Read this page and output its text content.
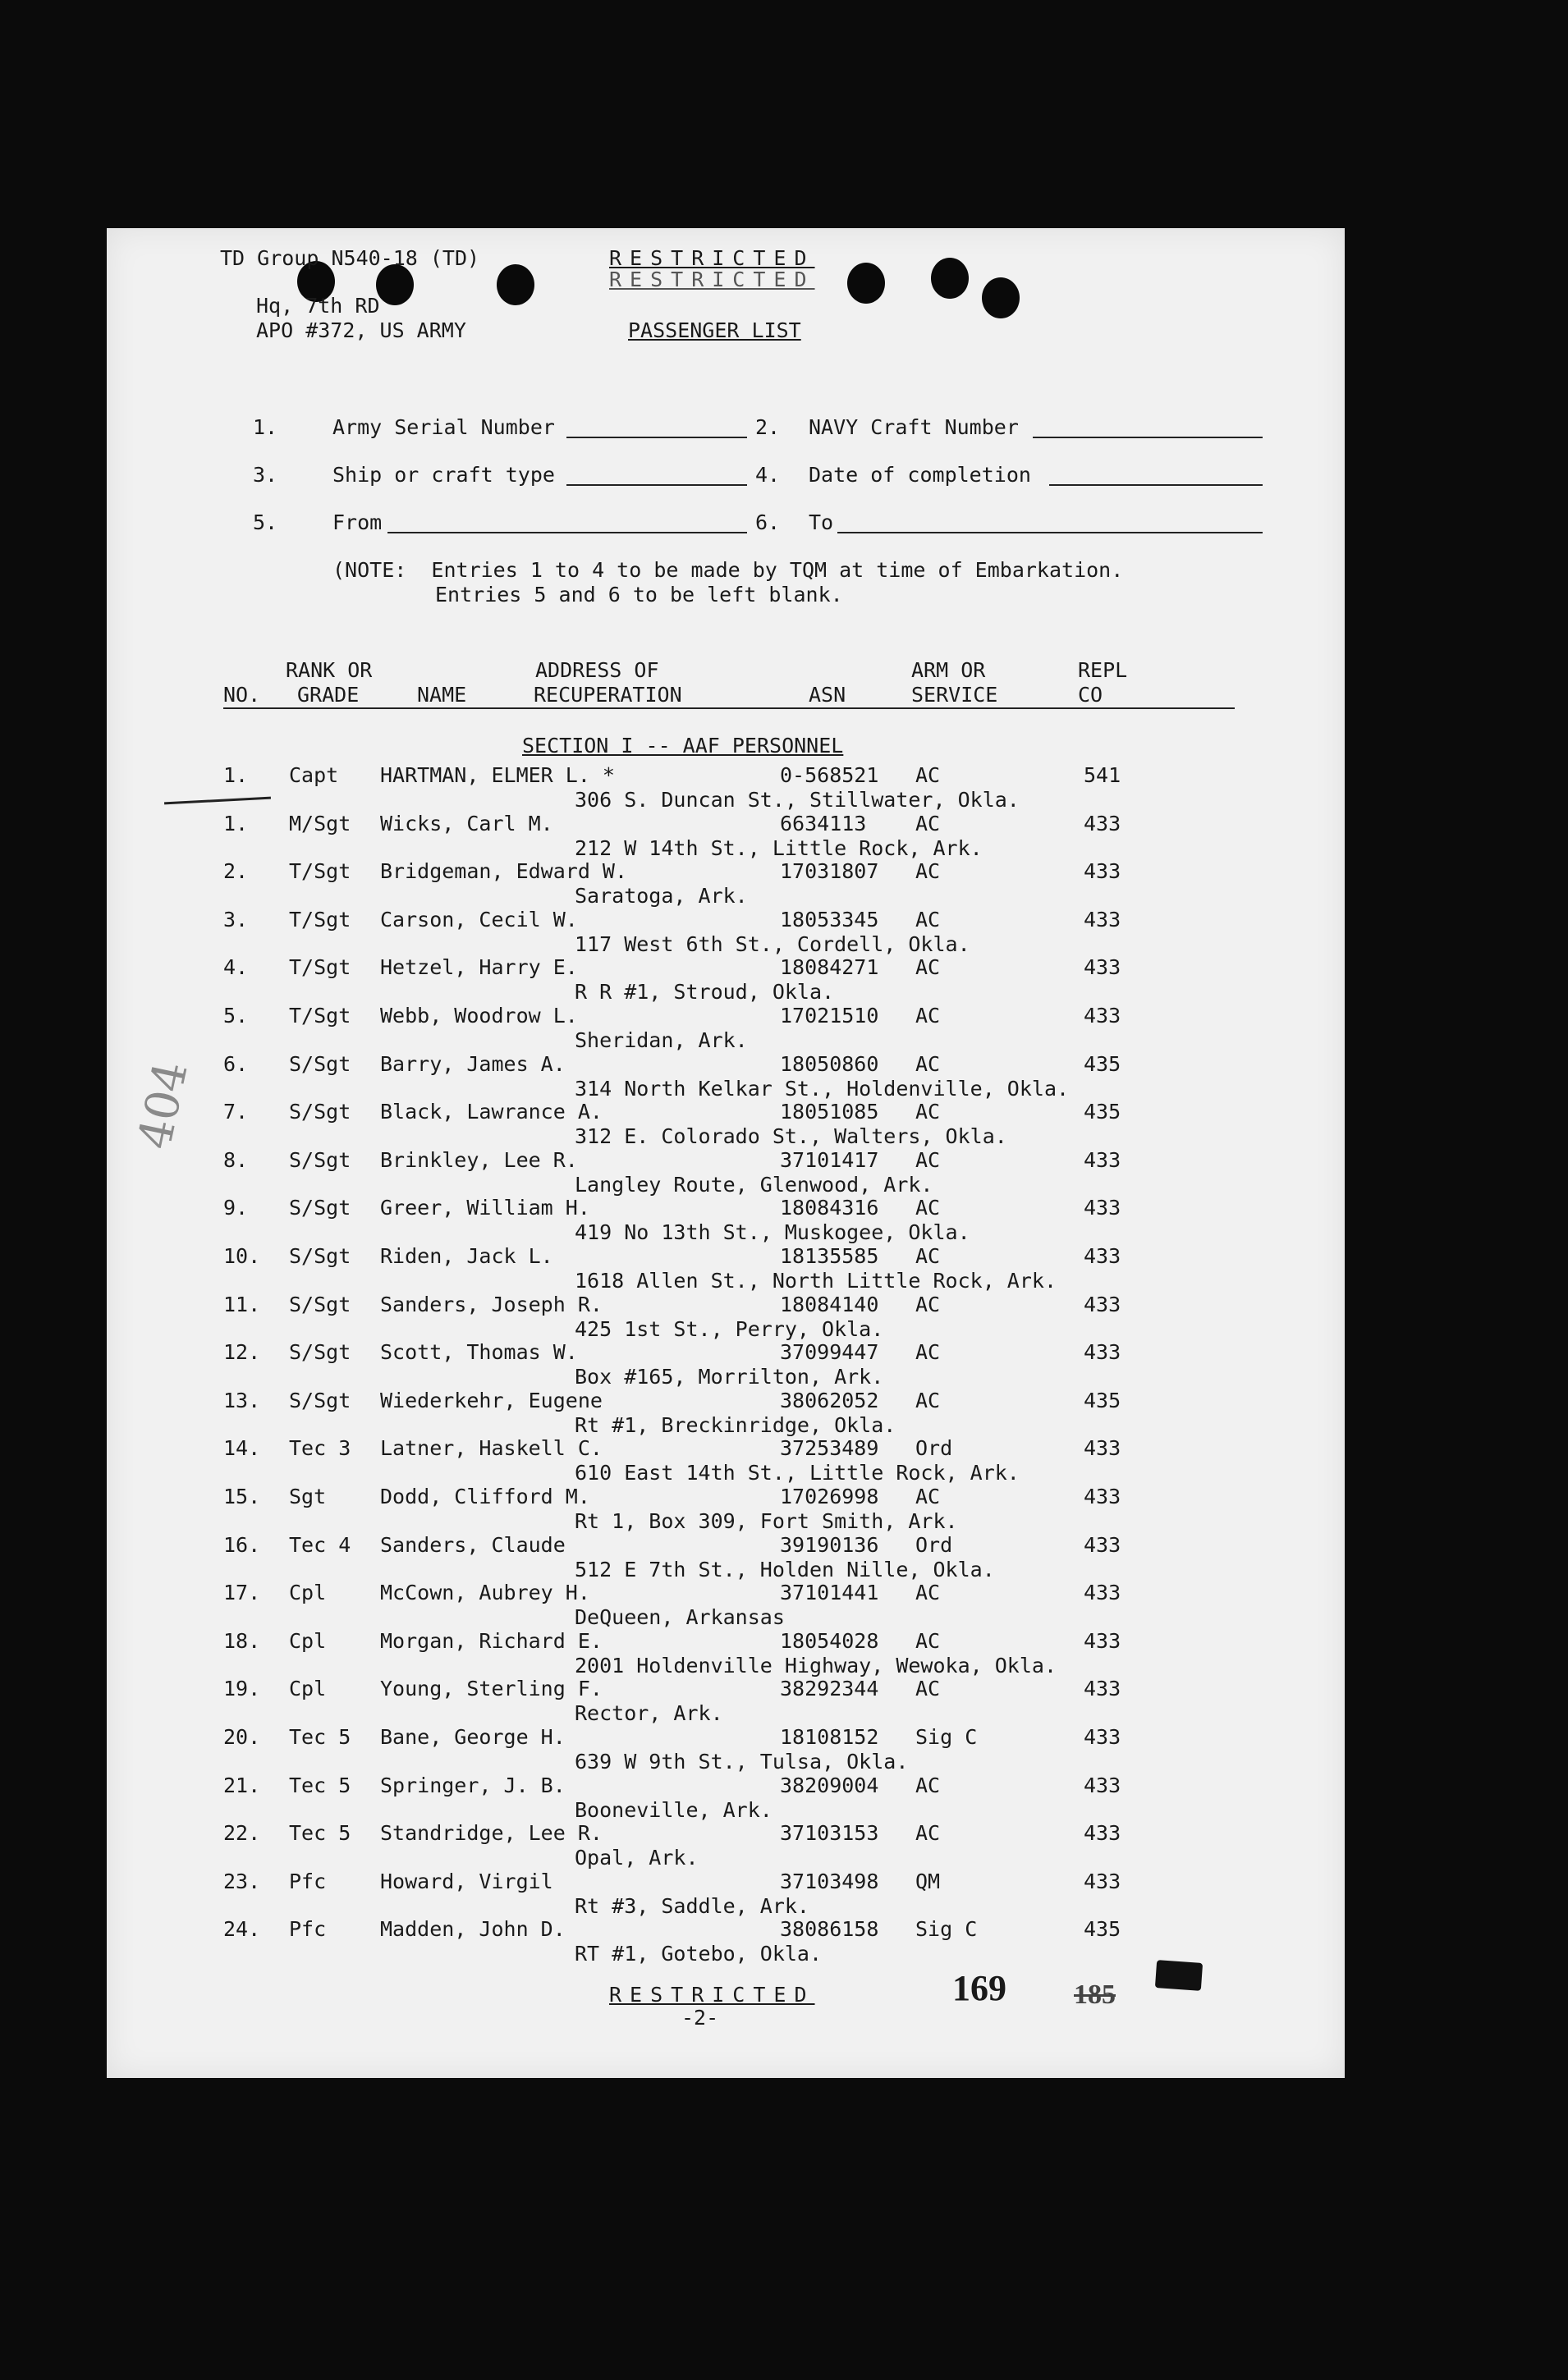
TD Group N540-18 (TD)
Hq, 7th RD
APO #372, US ARMY
RESTRICTED
RESTRICTED
PASSENGER LIST
1.	Army Serial Number	2. NAVY Craft Number
3.	Ship or craft type	4. Date of completion
5.	From	6. To
(NOTE:  Entries 1 to 4 to be made by TQM at time of Embarkation.
Entries 5 and 6 to be left blank.
RANK OR	ADDRESS OF	ARM OR	REPL
NO. GRADE	NAME	RECUPERATION	ASN	SERVICE	CO
SECTION I -- AAF PERSONNEL
1. Capt HARTMAN, ELMER L. *	0-568521 AC	541
306 S. Duncan St., Stillwater, Okla.
1. M/Sgt Wicks, Carl M.	6634113 AC	433
212 W 14th St., Little Rock, Ark.
2. T/Sgt Bridgeman, Edward W.	17031807 AC	433
Saratoga, Ark.
3. T/Sgt Carson, Cecil W.	18053345 AC	433
117 West 6th St., Cordell, Okla.
4. T/Sgt Hetzel, Harry E.	18084271 AC	433
R R #1, Stroud, Okla.
5. T/Sgt Webb, Woodrow L.	17021510 AC	433
Sheridan, Ark.
6. S/Sgt Barry, James A.	18050860 AC	435
314 North Kelkar St., Holdenville, Okla.
7. S/Sgt Black, Lawrance A.	18051085 AC	435
312 E. Colorado St., Walters, Okla.
8. S/Sgt Brinkley, Lee R.	37101417 AC	433
Langley Route, Glenwood, Ark.
9. S/Sgt Greer, William H.	18084316 AC	433
419 No 13th St., Muskogee, Okla.
10. S/Sgt Riden, Jack L.	18135585 AC	433
1618 Allen St., North Little Rock, Ark.
11. S/Sgt Sanders, Joseph R.	18084140 AC	433
425 1st St., Perry, Okla.
12. S/Sgt Scott, Thomas W.	37099447 AC	433
Box #165, Morrilton, Ark.
13. S/Sgt Wiederkehr, Eugene	38062052 AC	435
Rt #1, Breckinridge, Okla.
14. Tec 3 Latner, Haskell C.	37253489 Ord	433
610 East 14th St., Little Rock, Ark.
15. Sgt	Dodd, Clifford M.	17026998 AC	433
Rt 1, Box 309, Fort Smith, Ark.
16. Tec 4 Sanders, Claude	39190136 Ord	433
512 E 7th St., Holden Nille, Okla.
17. Cpl	McCown, Aubrey H.	37101441 AC	433
DeQueen, Arkansas
18. Cpl	Morgan, Richard E.	18054028 AC	433
2001 Holdenville Highway, Wewoka, Okla.
19. Cpl	Young, Sterling F.	38292344 AC	433
Rector, Ark.
20. Tec 5 Bane, George H.	18108152 Sig C	433
639 W 9th St., Tulsa, Okla.
21. Tec 5 Springer, J. B.	38209004 AC	433
Booneville, Ark.
22. Tec 5 Standridge, Lee R.	37103153 AC	433
Opal, Ark.
23. Pfc	Howard, Virgil	37103498 QM	433
Rt #3, Saddle, Ark.
24. Pfc	Madden, John D.	38086158 Sig C	435
RT #1, Gotebo, Okla.
404
RESTRICTED
-2-
169 185
